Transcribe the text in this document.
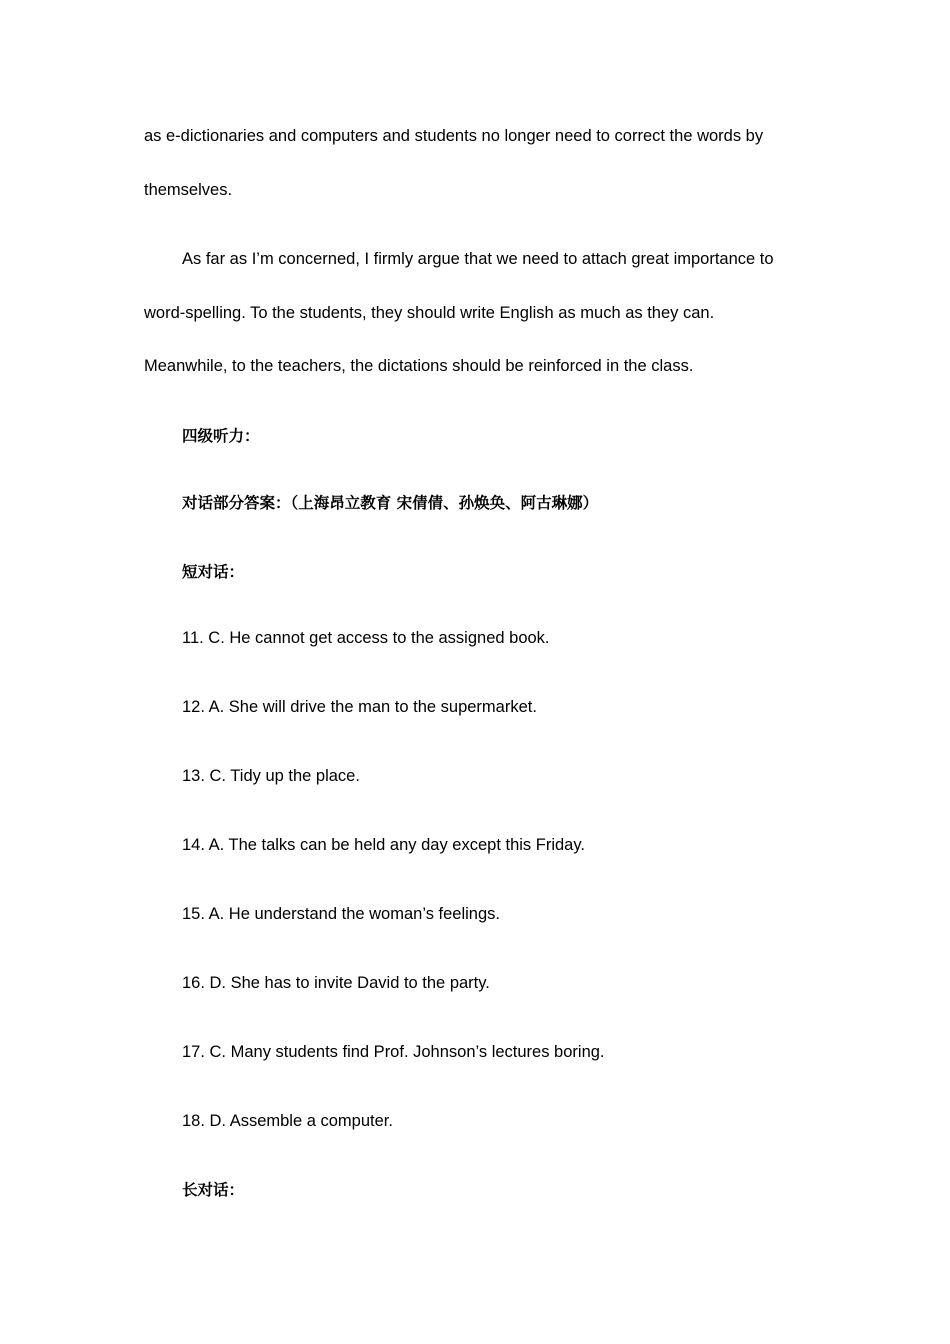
as e-dictionaries and computers and students no longer need to correct the words by
themselves.
As far as I’m concerned, I firmly argue that we need to attach great importance to
word-spelling. To the students, they should write English as much as they can.
Meanwhile, to the teachers, the dictations should be reinforced in the class.
四级听力：
对话部分答案：（上海昂立教育 宋倩倩、孙焕奂、阿古琳娜）
短对话：
11. C. He cannot get access to the assigned book.
12. A. She will drive the man to the supermarket.
13. C. Tidy up the place.
14. A. The talks can be held any day except this Friday.
15. A. He understand the woman’s feelings.
16. D. She has to invite David to the party.
17. C. Many students find Prof. Johnson’s lectures boring.
18. D. Assemble a computer.
长对话：
